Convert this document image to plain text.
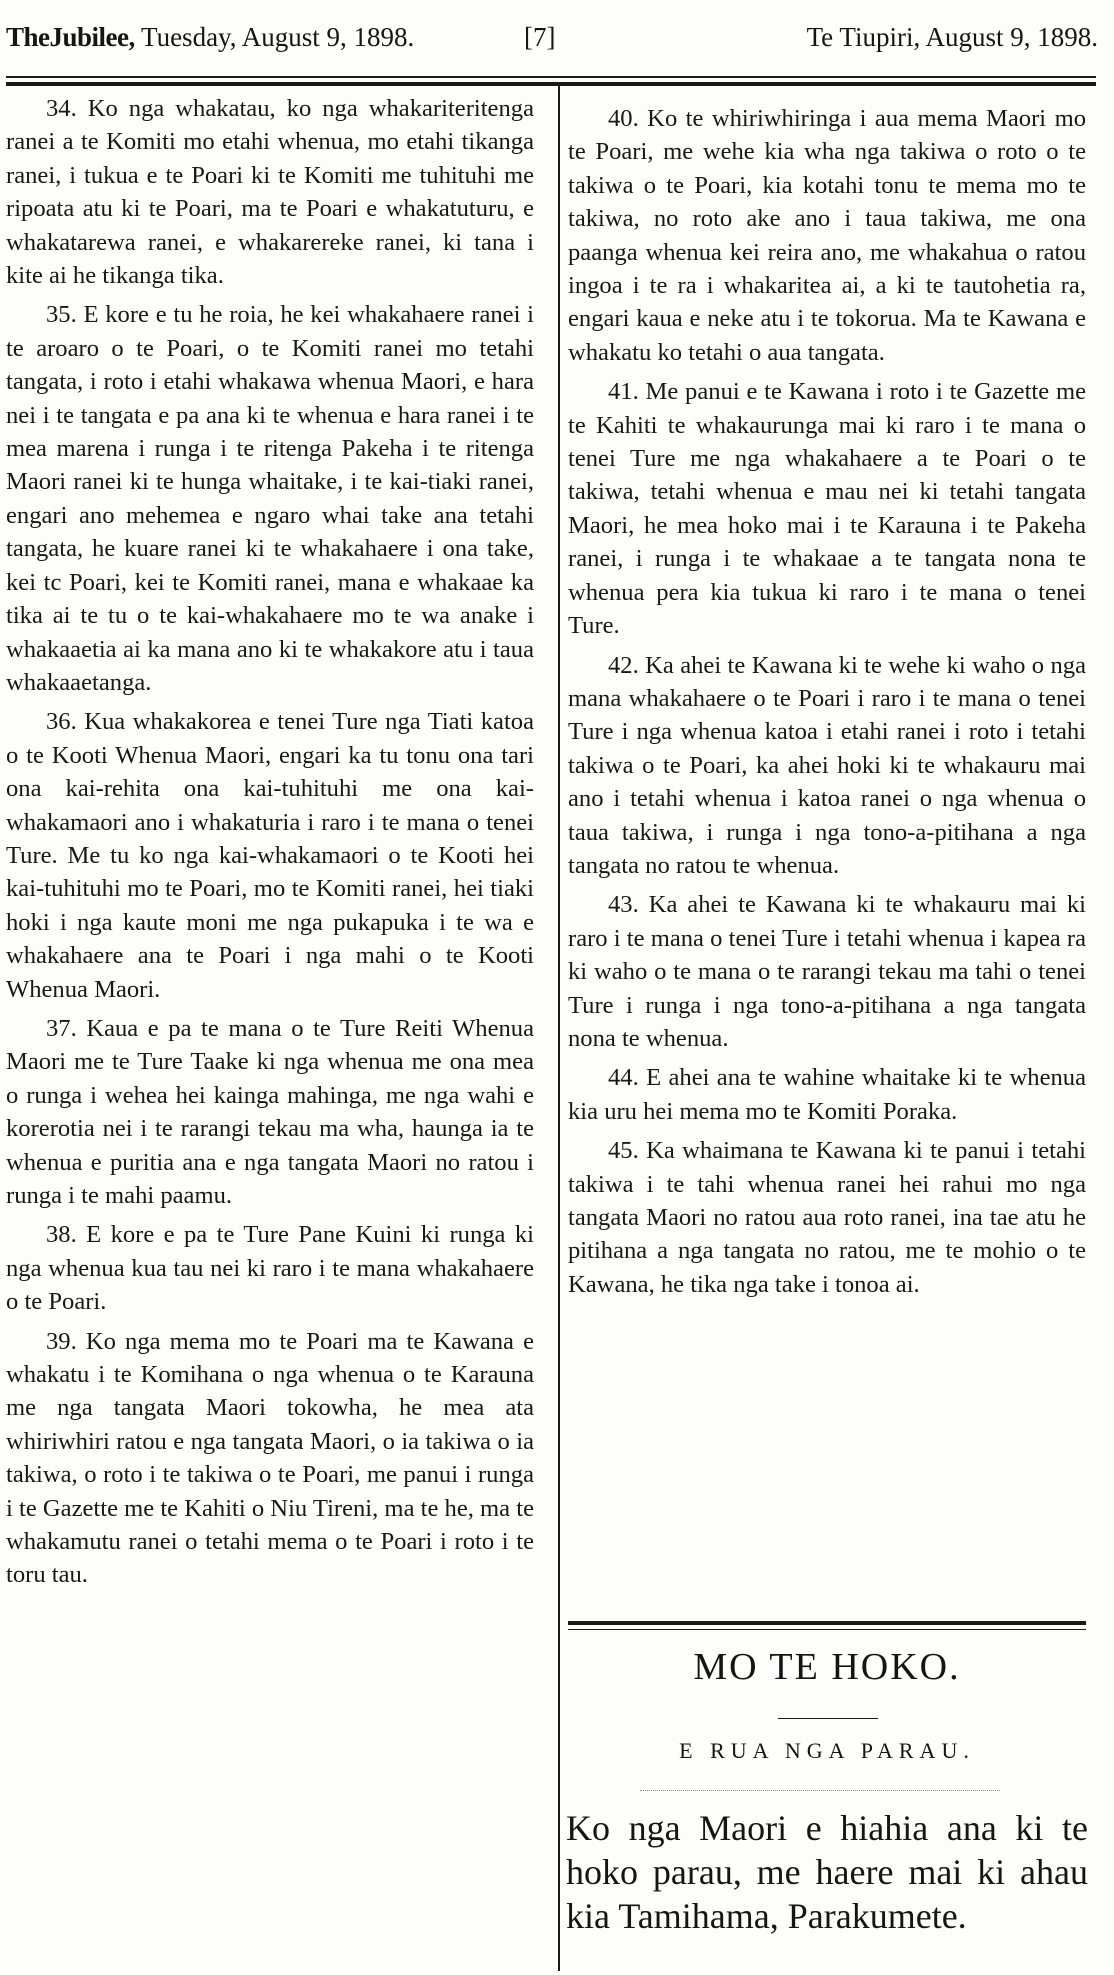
TheJubilee, Tuesday, August 9, 1898.	[7]	Te Tiupiri, August 9, 1898.

34. Ko nga whakatau, ko nga whakariteritenga ranei a te Komiti mo etahi whenua, mo etahi tikanga ranei, i tukua e te Poari ki te Komiti me tuhituhi me ripoata atu ki te Poari, ma te Poari e whakatuturu, e whakatarewa ranei, e whakarereke ranei, ki tana i kite ai he tikanga tika.

35. E kore e tu he roia, he kei whakahaere ranei i te aroaro o te Poari, o te Komiti ranei mo tetahi tangata, i roto i etahi whakawa whenua Maori, e hara nei i te tangata e pa ana ki te whenua e hara ranei i te mea marena i runga i te ritenga Pakeha i te ritenga Maori ranei ki te hunga whaitake, i te kai-tiaki ranei, engari ano mehemea e ngaro whai take ana tetahi tangata, he kuare ranei ki te whakahaere i ona take, kei tc Poari, kei te Komiti ranei, mana e whakaae ka tika ai te tu o te kai-whakahaere mo te wa anake i whakaaetia ai ka mana ano ki te whakakore atu i taua whakaaetanga.

36. Kua whakakorea e tenei Ture nga Tiati katoa o te Kooti Whenua Maori, engari ka tu tonu ona tari ona kai-rehita ona kai-tuhituhi me ona kai-whakamaori ano i whakaturia i raro i te mana o tenei Ture. Me tu ko nga kai-whakamaori o te Kooti hei kai-tuhituhi mo te Poari, mo te Komiti ranei, hei tiaki hoki i nga kaute moni me nga pukapuka i te wa e whakahaere ana te Poari i nga mahi o te Kooti Whenua Maori.

37. Kaua e pa te mana o te Ture Reiti Whenua Maori me te Ture Taake ki nga whenua me ona mea o runga i wehea hei kainga mahinga, me nga wahi e korerotia nei i te rarangi tekau ma wha, haunga ia te whenua e puritia ana e nga tangata Maori no ratou i runga i te mahi paamu.

38. E kore e pa te Ture Pane Kuini ki runga ki nga whenua kua tau nei ki raro i te mana whakahaere o te Poari.

39. Ko nga mema mo te Poari ma te Kawana e whakatu i te Komihana o nga whenua o te Karauna me nga tangata Maori tokowha, he mea ata whiriwhiri ratou e nga tangata Maori, o ia takiwa o ia takiwa, o roto i te takiwa o te Poari, me panui i runga i te Gazette me te Kahiti o Niu Tireni, ma te he, ma te whakamutu ranei o tetahi mema o te Poari i roto i te toru tau.

40. Ko te whiriwhiringa i aua mema Maori mo te Poari, me wehe kia wha nga takiwa o roto o te takiwa o te Poari, kia kotahi tonu te mema mo te takiwa, no roto ake ano i taua takiwa, me ona paanga whenua kei reira ano, me whakahua o ratou ingoa i te ra i whakaritea ai, a ki te tautohetia ra, engari kaua e neke atu i te tokorua. Ma te Kawana e whakatu ko tetahi o aua tangata.

41. Me panui e te Kawana i roto i te Gazette me te Kahiti te whakaurunga mai ki raro i te mana o tenei Ture me nga whakahaere a te Poari o te takiwa, tetahi whenua e mau nei ki tetahi tangata Maori, he mea hoko mai i te Karauna i te Pakeha ranei, i runga i te whakaae a te tangata nona te whenua pera kia tukua ki raro i te mana o tenei Ture.

42. Ka ahei te Kawana ki te wehe ki waho o nga mana whakahaere o te Poari i raro i te mana o tenei Ture i nga whenua katoa i etahi ranei i roto i tetahi takiwa o te Poari, ka ahei hoki ki te whakauru mai ano i tetahi whenua i katoa ranei o nga whenua o taua takiwa, i runga i nga tono-a-pitihana a nga tangata no ratou te whenua.

43. Ka ahei te Kawana ki te whakauru mai ki raro i te mana o tenei Ture i tetahi whenua i kapea ra ki waho o te mana o te rarangi tekau ma tahi o tenei Ture i runga i nga tono-a-pitihana a nga tangata nona te whenua.

44. E ahei ana te wahine whaitake ki te whenua kia uru hei mema mo te Komiti Poraka.

45. Ka whaimana te Kawana ki te panui i tetahi takiwa i te tahi whenua ranei hei rahui mo nga tangata Maori no ratou aua roto ranei, ina tae atu he pitihana a nga tangata no ratou, me te mohio o te Kawana, he tika nga take i tonoa ai.

MO TE HOKO.
E RUA NGA PARAU.
Ko nga Maori e hiahia ana ki te hoko parau, me haere mai ki ahau kia Tamihama, Parakumete.
